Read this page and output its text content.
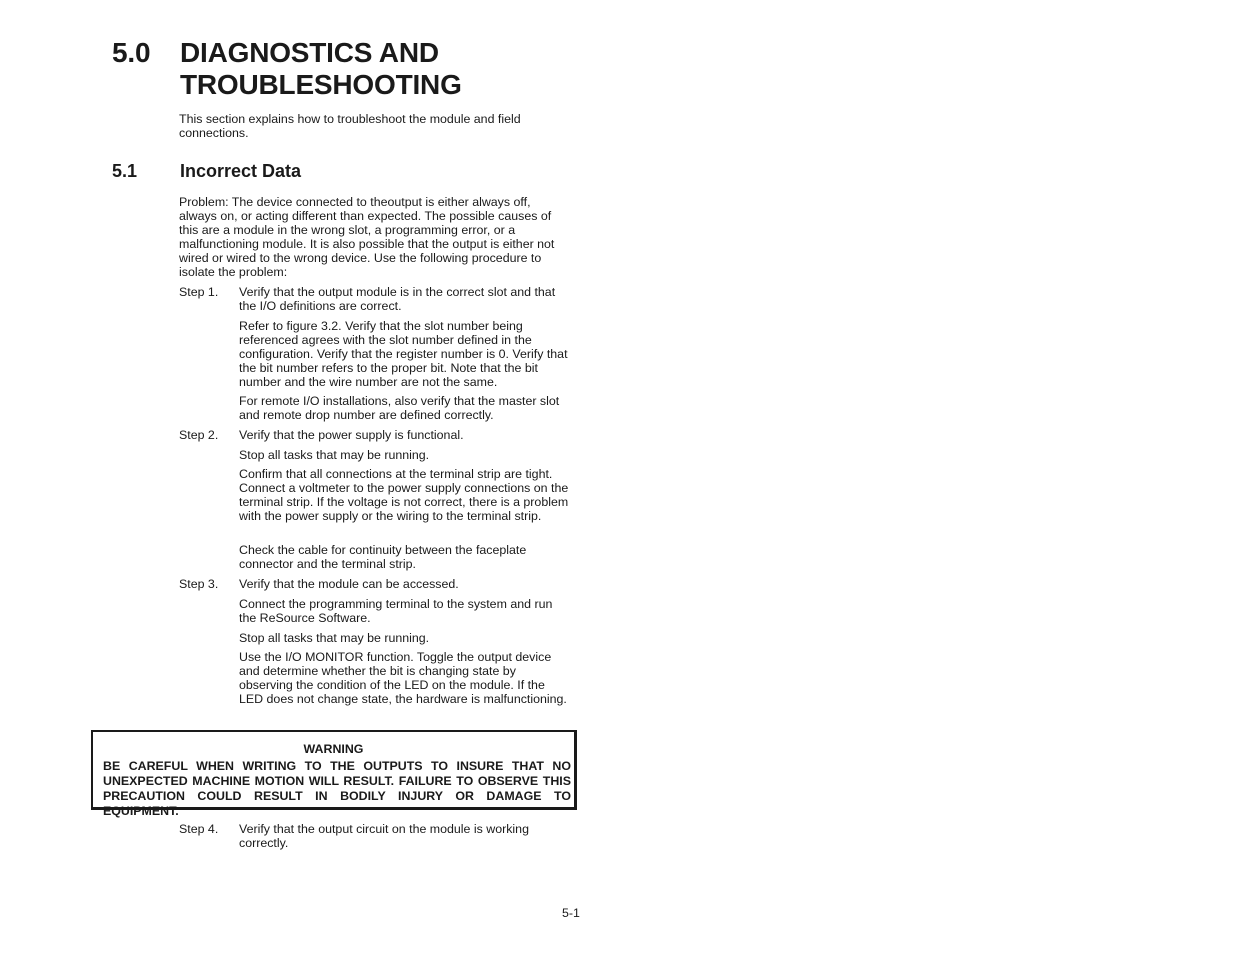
5.0 DIAGNOSTICS AND
TROUBLESHOOTING
This section explains how to troubleshoot the module and field connections.
5.1 Incorrect Data
Problem: The device connected to theoutput is either always off, always on, or acting different than expected. The possible causes of this are a module in the wrong slot, a programming error, or a malfunctioning module. It is also possible that the output is either not wired or wired to the wrong device. Use the following procedure to isolate the problem:
Step 1. Verify that the output module is in the correct slot and that the I/O definitions are correct.
Refer to figure 3.2. Verify that the slot number being referenced agrees with the slot number defined in the configuration. Verify that the register number is 0. Verify that the bit number refers to the proper bit. Note that the bit number and the wire number are not the same.
For remote I/O installations, also verify that the master slot and remote drop number are defined correctly.
Step 2. Verify that the power supply is functional.
Stop all tasks that may be running.
Confirm that all connections at the terminal strip are tight. Connect a voltmeter to the power supply connections on the terminal strip. If the voltage is not correct, there is a problem with the power supply or the wiring to the terminal strip.
Check the cable for continuity between the faceplate connector and the terminal strip.
Step 3. Verify that the module can be accessed.
Connect the programming terminal to the system and run the ReSource Software.
Stop all tasks that may be running.
Use the I/O MONITOR function. Toggle the output device and determine whether the bit is changing state by observing the condition of the LED on the module. If the LED does not change state, the hardware is malfunctioning.
WARNING
BE CAREFUL WHEN WRITING TO THE OUTPUTS TO INSURE THAT NO UNEXPECTED MACHINE MOTION WILL RESULT. FAILURE TO OBSERVE THIS PRECAUTION COULD RESULT IN BODILY INJURY OR DAMAGE TO EQUIPMENT.
Step 4. Verify that the output circuit on the module is working correctly.
5-1
